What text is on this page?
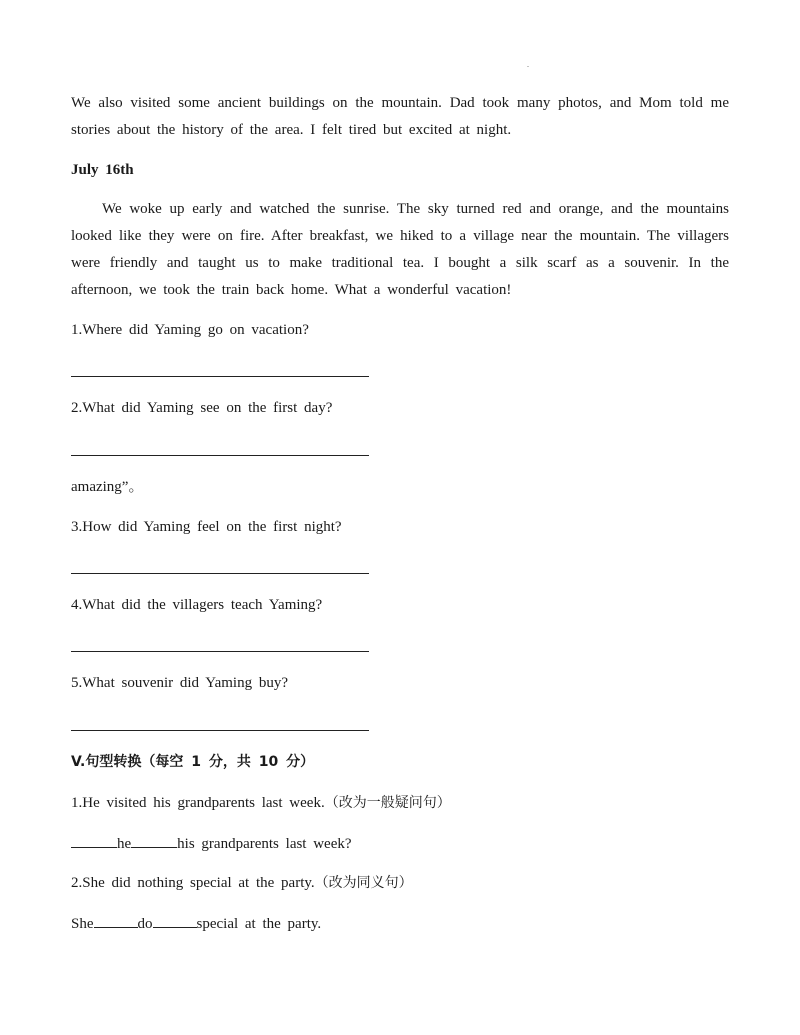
.

We also visited some ancient buildings on the mountain. Dad took many photos, and Mom told me stories about the history of the area. I felt tired but excited at night.

July 16th

We woke up early and watched the sunrise. The sky turned red and orange, and the mountains looked like they were on fire. After breakfast, we hiked to a village near the mountain. The villagers were friendly and taught us to make traditional tea. I bought a silk scarf as a souvenir. In the afternoon, we took the train back home. What a wonderful vacation!

1.Where did Yaming go on vacation?
2.What did Yaming see on the first day?
amazing”。
3.How did Yaming feel on the first night?
4.What did the villagers teach Yaming?
5.What souvenir did Yaming buy?
V.句型转换（每空 1 分，共 10 分）
1.He visited his grandparents last week.（改为一般疑问句）
he	his grandparents last week?
2.She did nothing special at the party.（改为同义句）
She	do	special at the party.
